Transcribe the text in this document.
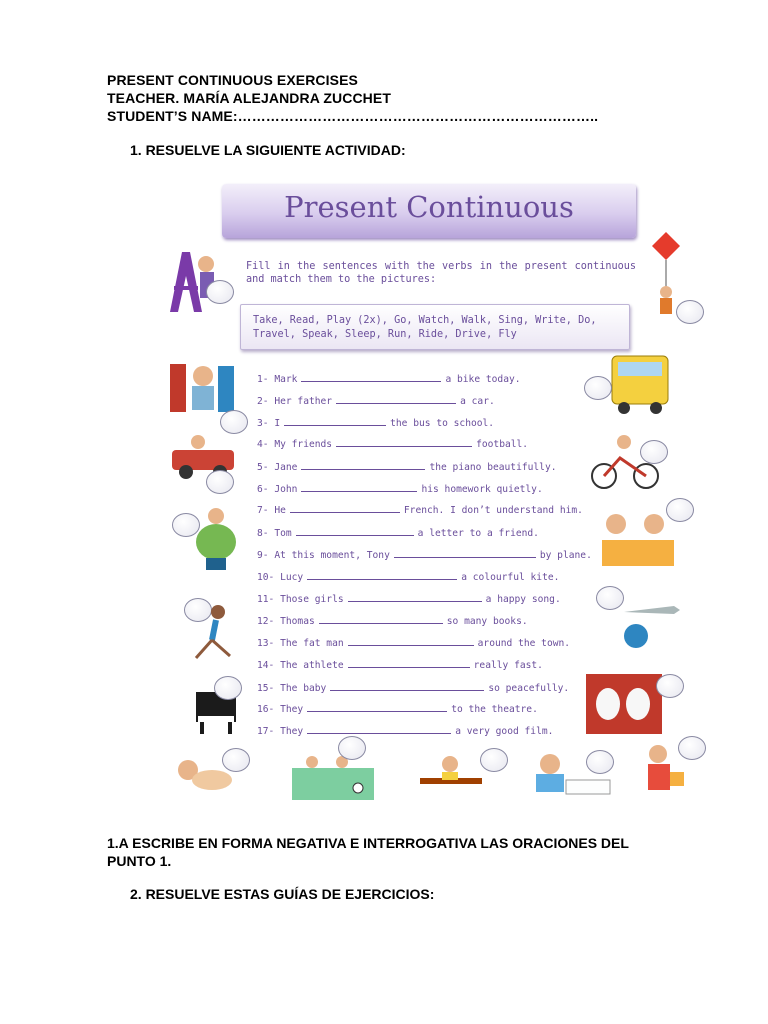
PRESENT CONTINUOUS EXERCISES
TEACHER. MARÍA ALEJANDRA ZUCCHET
STUDENT’S NAME:…………………………………………………………………..
1. RESUELVE LA SIGUIENTE ACTIVIDAD:
Present Continuous
Fill in the sentences with the verbs in the present continuous and match them to the pictures:
Take, Read, Play (2x), Go, Watch, Walk, Sing, Write, Do, Travel, Speak, Sleep, Run, Ride, Drive, Fly
1- Mark	a bike today.
2- Her father	a car.
3- I	the bus to school.
4- My friends	football.
5- Jane	the piano beautifully.
6- John	his homework quietly.
7- He	French. I don’t understand him.
8- Tom	a letter to a friend.
9- At this moment, Tony	by plane.
10- Lucy	a colourful kite.
11- Those girls	a happy song.
12- Thomas	so many books.
13- The fat man	around the town.
14- The athlete	really fast.
15- The baby	so peacefully.
16- They	to the theatre.
17- They	a very good film.
1.A ESCRIBE EN FORMA NEGATIVA E INTERROGATIVA LAS ORACIONES DEL PUNTO 1.
2. RESUELVE ESTAS GUÍAS DE EJERCICIOS:
